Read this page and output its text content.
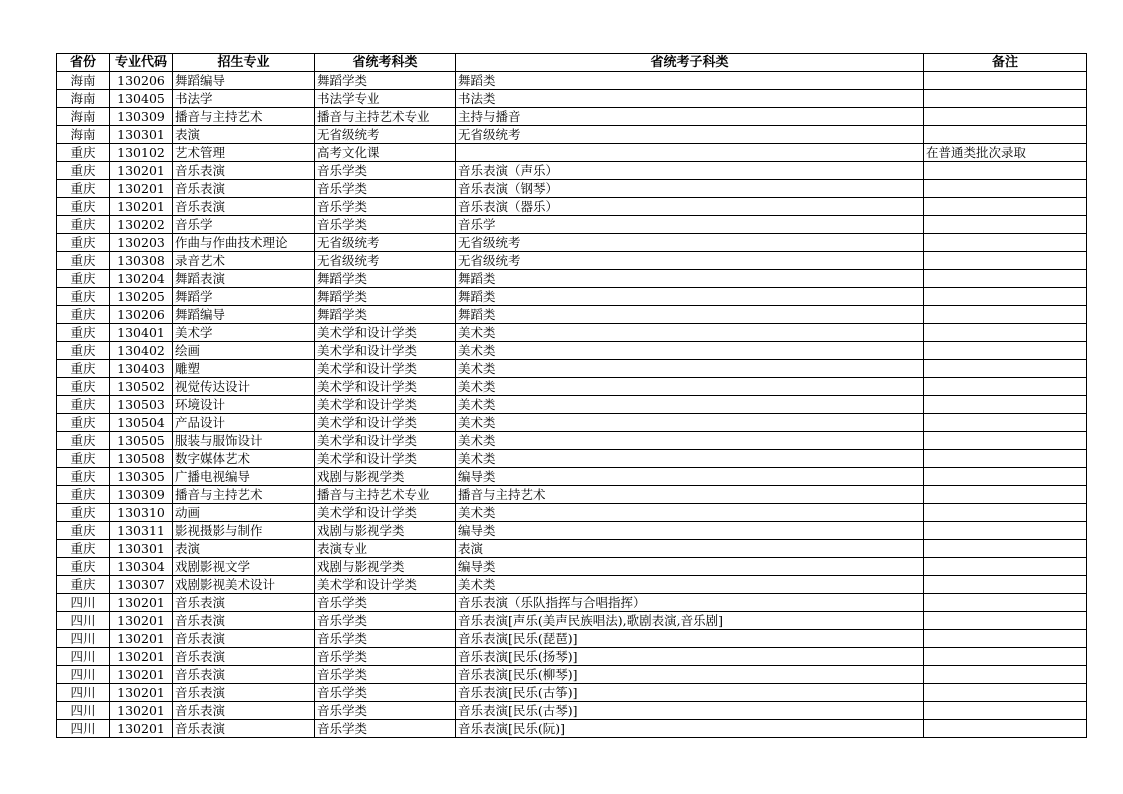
省份	专业代码	招生专业	省统考科类	省统考子科类	备注
海南	130206	舞蹈编导	舞蹈学类	舞蹈类	
海南	130405	书法学	书法学专业	书法类	
海南	130309	播音与主持艺术	播音与主持艺术专业	主持与播音	
海南	130301	表演	无省级统考	无省级统考	
重庆	130102	艺术管理	高考文化课		在普通类批次录取
重庆	130201	音乐表演	音乐学类	音乐表演（声乐）	
重庆	130201	音乐表演	音乐学类	音乐表演（钢琴）	
重庆	130201	音乐表演	音乐学类	音乐表演（器乐）	
重庆	130202	音乐学	音乐学类	音乐学	
重庆	130203	作曲与作曲技术理论	无省级统考	无省级统考	
重庆	130308	录音艺术	无省级统考	无省级统考	
重庆	130204	舞蹈表演	舞蹈学类	舞蹈类	
重庆	130205	舞蹈学	舞蹈学类	舞蹈类	
重庆	130206	舞蹈编导	舞蹈学类	舞蹈类	
重庆	130401	美术学	美术学和设计学类	美术类	
重庆	130402	绘画	美术学和设计学类	美术类	
重庆	130403	雕塑	美术学和设计学类	美术类	
重庆	130502	视觉传达设计	美术学和设计学类	美术类	
重庆	130503	环境设计	美术学和设计学类	美术类	
重庆	130504	产品设计	美术学和设计学类	美术类	
重庆	130505	服装与服饰设计	美术学和设计学类	美术类	
重庆	130508	数字媒体艺术	美术学和设计学类	美术类	
重庆	130305	广播电视编导	戏剧与影视学类	编导类	
重庆	130309	播音与主持艺术	播音与主持艺术专业	播音与主持艺术	
重庆	130310	动画	美术学和设计学类	美术类	
重庆	130311	影视摄影与制作	戏剧与影视学类	编导类	
重庆	130301	表演	表演专业	表演	
重庆	130304	戏剧影视文学	戏剧与影视学类	编导类	
重庆	130307	戏剧影视美术设计	美术学和设计学类	美术类	
四川	130201	音乐表演	音乐学类	音乐表演（乐队指挥与合唱指挥）	
四川	130201	音乐表演	音乐学类	音乐表演[声乐(美声民族唱法),歌剧表演,音乐剧]	
四川	130201	音乐表演	音乐学类	音乐表演[民乐(琵琶)]	
四川	130201	音乐表演	音乐学类	音乐表演[民乐(扬琴)]	
四川	130201	音乐表演	音乐学类	音乐表演[民乐(柳琴)]	
四川	130201	音乐表演	音乐学类	音乐表演[民乐(古筝)]	
四川	130201	音乐表演	音乐学类	音乐表演[民乐(古琴)]	
四川	130201	音乐表演	音乐学类	音乐表演[民乐(阮)]	
